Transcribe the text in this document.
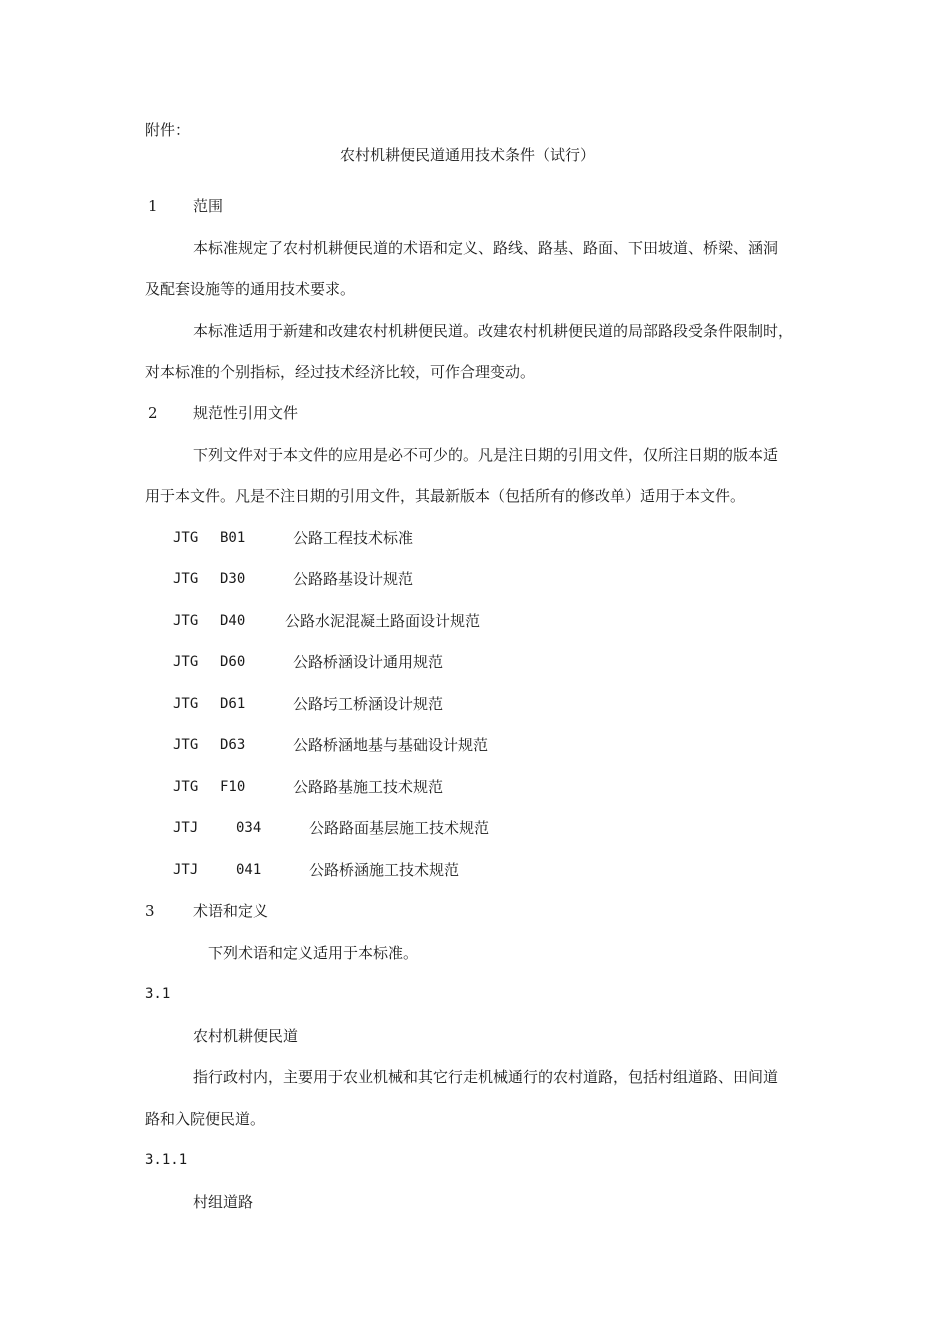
附件：
农村机耕便民道通用技术条件（试行）
1 范围
本标准规定了农村机耕便民道的术语和定义、路线、路基、路面、下田坡道、桥梁、涵洞
及配套设施等的通用技术要求。
本标准适用于新建和改建农村机耕便民道。改建农村机耕便民道的局部路段受条件限制时，
对本标准的个别指标，经过技术经济比较，可作合理变动。
2 规范性引用文件
下列文件对于本文件的应用是必不可少的。凡是注日期的引用文件，仅所注日期的版本适
用于本文件。凡是不注日期的引用文件，其最新版本（包括所有的修改单）适用于本文件。
JTG B01	公路工程技术标准
JTG D30	公路路基设计规范
JTG D40	公路水泥混凝土路面设计规范
JTG D60	公路桥涵设计通用规范
JTG D61	公路圬工桥涵设计规范
JTG D63	公路桥涵地基与基础设计规范
JTG F10	公路路基施工技术规范
JTJ	034	公路路面基层施工技术规范
JTJ	041	公路桥涵施工技术规范
3	术语和定义
下列术语和定义适用于本标准。
3.1
农村机耕便民道
指行政村内，主要用于农业机械和其它行走机械通行的农村道路，包括村组道路、田间道
路和入院便民道。
3.1.1
村组道路
